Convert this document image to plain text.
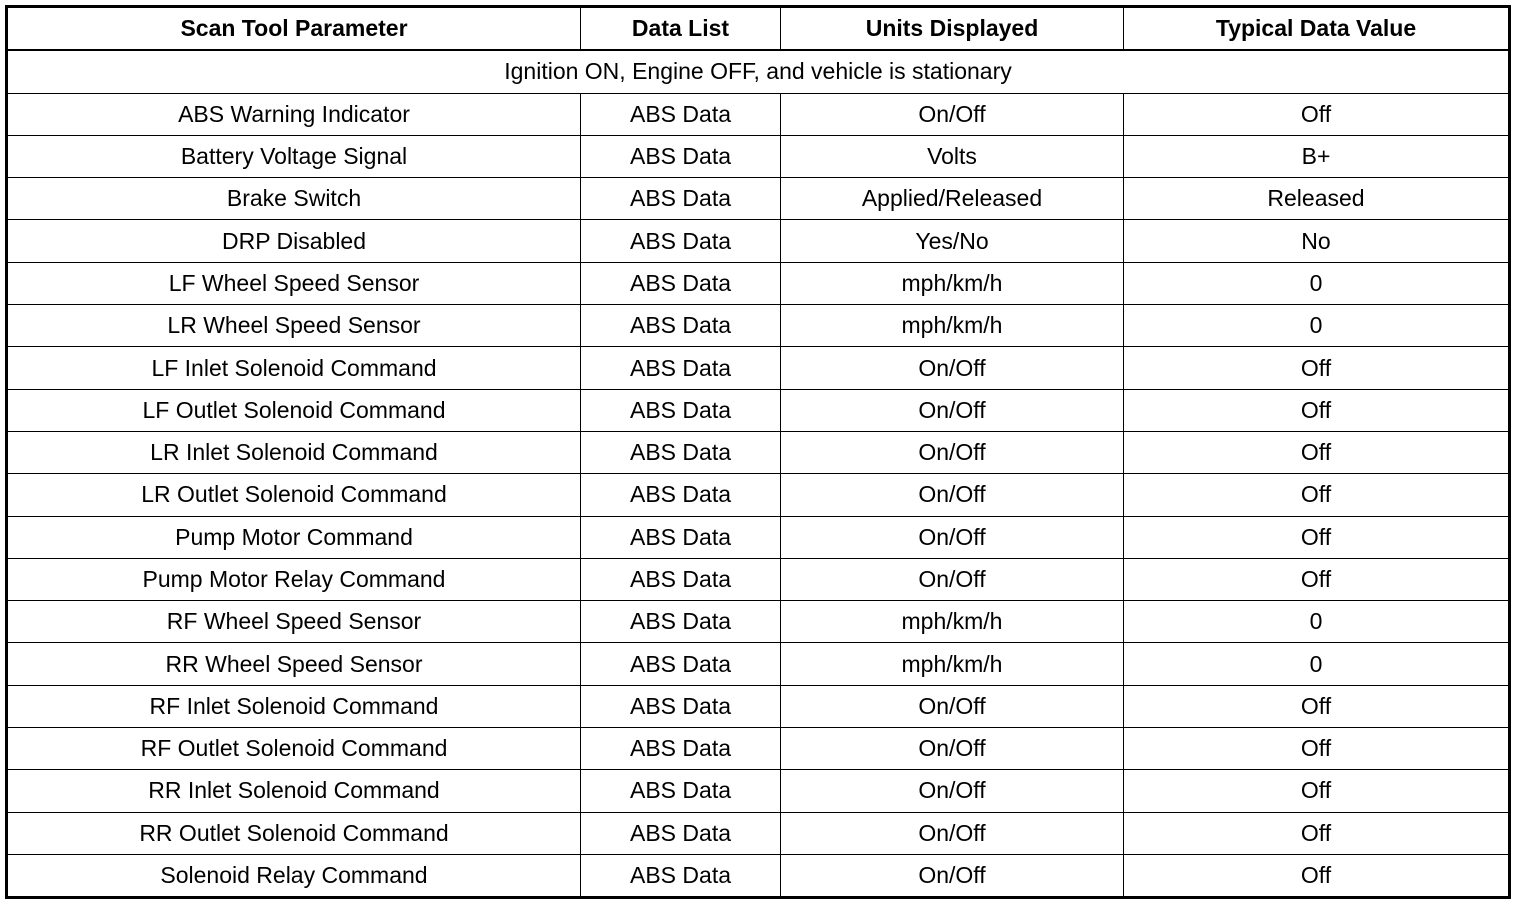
Scan Tool Parameter	Data List	Units Displayed	Typical Data Value
Ignition ON, Engine OFF, and vehicle is stationary			
ABS Warning Indicator	ABS Data	On/Off	Off
Battery Voltage Signal	ABS Data	Volts	B+
Brake Switch	ABS Data	Applied/Released	Released
DRP Disabled	ABS Data	Yes/No	No
LF Wheel Speed Sensor	ABS Data	mph/km/h	0
LR Wheel Speed Sensor	ABS Data	mph/km/h	0
LF Inlet Solenoid Command	ABS Data	On/Off	Off
LF Outlet Solenoid Command	ABS Data	On/Off	Off
LR Inlet Solenoid Command	ABS Data	On/Off	Off
LR Outlet Solenoid Command	ABS Data	On/Off	Off
Pump Motor Command	ABS Data	On/Off	Off
Pump Motor Relay Command	ABS Data	On/Off	Off
RF Wheel Speed Sensor	ABS Data	mph/km/h	0
RR Wheel Speed Sensor	ABS Data	mph/km/h	0
RF Inlet Solenoid Command	ABS Data	On/Off	Off
RF Outlet Solenoid Command	ABS Data	On/Off	Off
RR Inlet Solenoid Command	ABS Data	On/Off	Off
RR Outlet Solenoid Command	ABS Data	On/Off	Off
Solenoid Relay Command	ABS Data	On/Off	Off
